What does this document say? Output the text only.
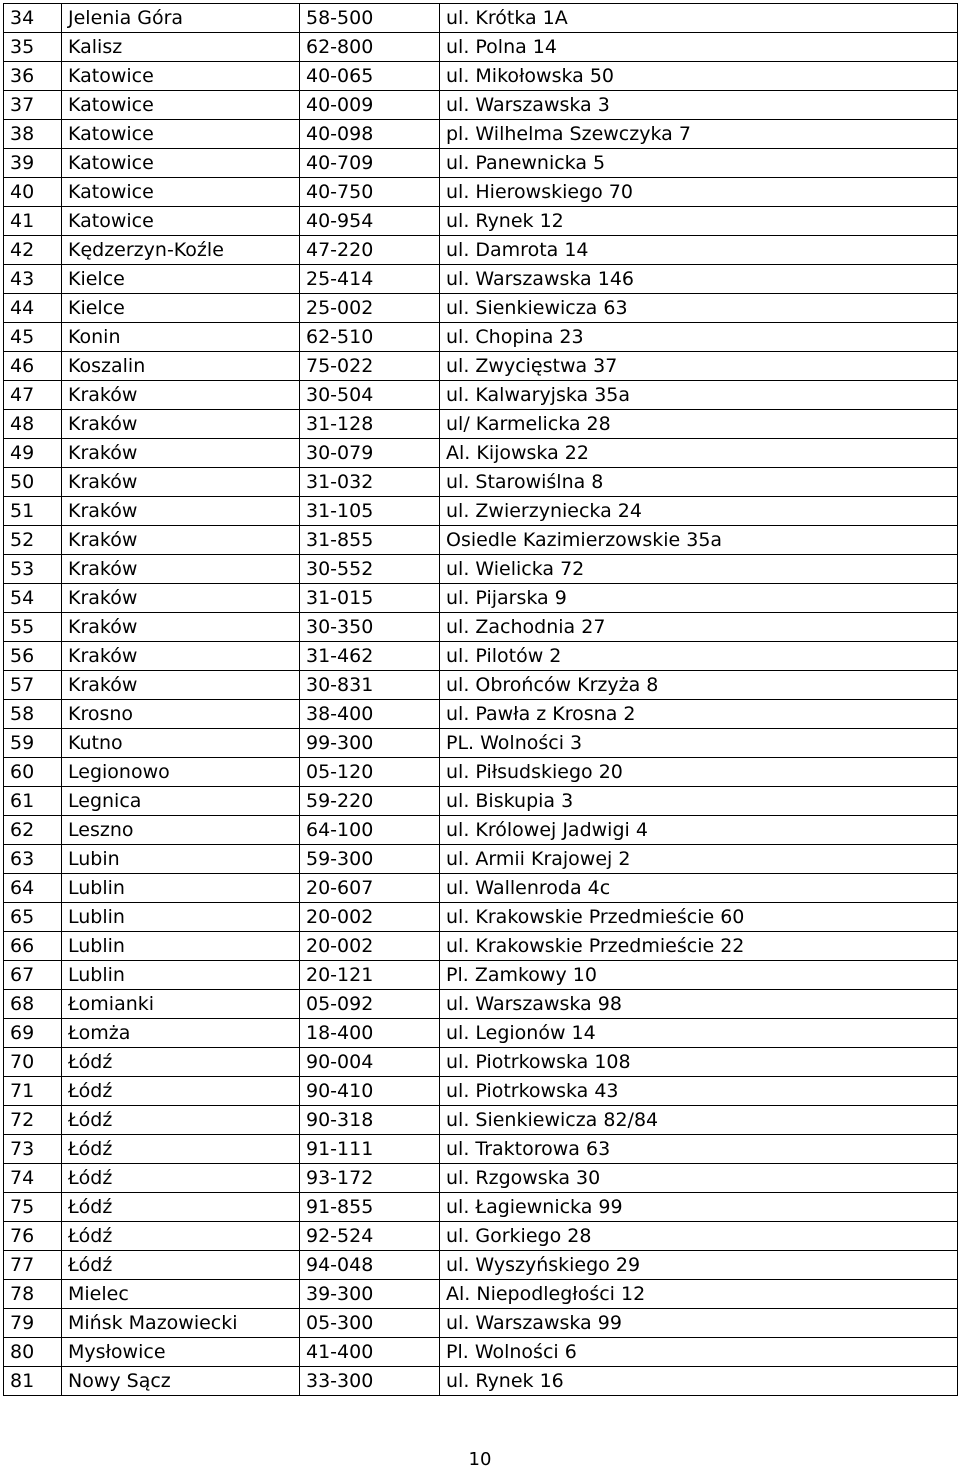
34	Jelenia Góra	58-500	ul. Krótka 1A
35	Kalisz	62-800	ul. Polna 14
36	Katowice	40-065	ul. Mikołowska 50
37	Katowice	40-009	ul. Warszawska 3
38	Katowice	40-098	pl. Wilhelma Szewczyka 7
39	Katowice	40-709	ul. Panewnicka 5
40	Katowice	40-750	ul. Hierowskiego 70
41	Katowice	40-954	ul. Rynek 12
42	Kędzerzyn-Koźle	47-220	ul. Damrota 14
43	Kielce	25-414	ul. Warszawska 146
44	Kielce	25-002	ul. Sienkiewicza 63
45	Konin	62-510	ul. Chopina 23
46	Koszalin	75-022	ul. Zwycięstwa 37
47	Kraków	30-504	ul. Kalwaryjska 35a
48	Kraków	31-128	ul/ Karmelicka 28
49	Kraków	30-079	Al. Kijowska 22
50	Kraków	31-032	ul. Starowiślna 8
51	Kraków	31-105	ul. Zwierzyniecka 24
52	Kraków	31-855	Osiedle Kazimierzowskie 35a
53	Kraków	30-552	ul. Wielicka 72
54	Kraków	31-015	ul. Pijarska 9
55	Kraków	30-350	ul. Zachodnia 27
56	Kraków	31-462	ul. Pilotów 2
57	Kraków	30-831	ul. Obrońców Krzyża 8
58	Krosno	38-400	ul. Pawła z Krosna 2
59	Kutno	99-300	PL. Wolności 3
60	Legionowo	05-120	ul. Piłsudskiego 20
61	Legnica	59-220	ul. Biskupia 3
62	Leszno	64-100	ul. Królowej Jadwigi 4
63	Lubin	59-300	ul. Armii Krajowej 2
64	Lublin	20-607	ul. Wallenroda 4c
65	Lublin	20-002	ul. Krakowskie Przedmieście 60
66	Lublin	20-002	ul. Krakowskie Przedmieście 22
67	Lublin	20-121	Pl. Zamkowy 10
68	Łomianki	05-092	ul. Warszawska 98
69	Łomża	18-400	ul. Legionów 14
70	Łódź	90-004	ul. Piotrkowska 108
71	Łódź	90-410	ul. Piotrkowska 43
72	Łódź	90-318	ul. Sienkiewicza 82/84
73	Łódź	91-111	ul. Traktorowa 63
74	Łódź	93-172	ul. Rzgowska 30
75	Łódź	91-855	ul. Łagiewnicka 99
76	Łódź	92-524	ul. Gorkiego 28
77	Łódź	94-048	ul. Wyszyńskiego 29
78	Mielec	39-300	Al. Niepodległości 12
79	Mińsk Mazowiecki	05-300	ul. Warszawska 99
80	Mysłowice	41-400	Pl. Wolności 6
81	Nowy Sącz	33-300	ul. Rynek 16
10
